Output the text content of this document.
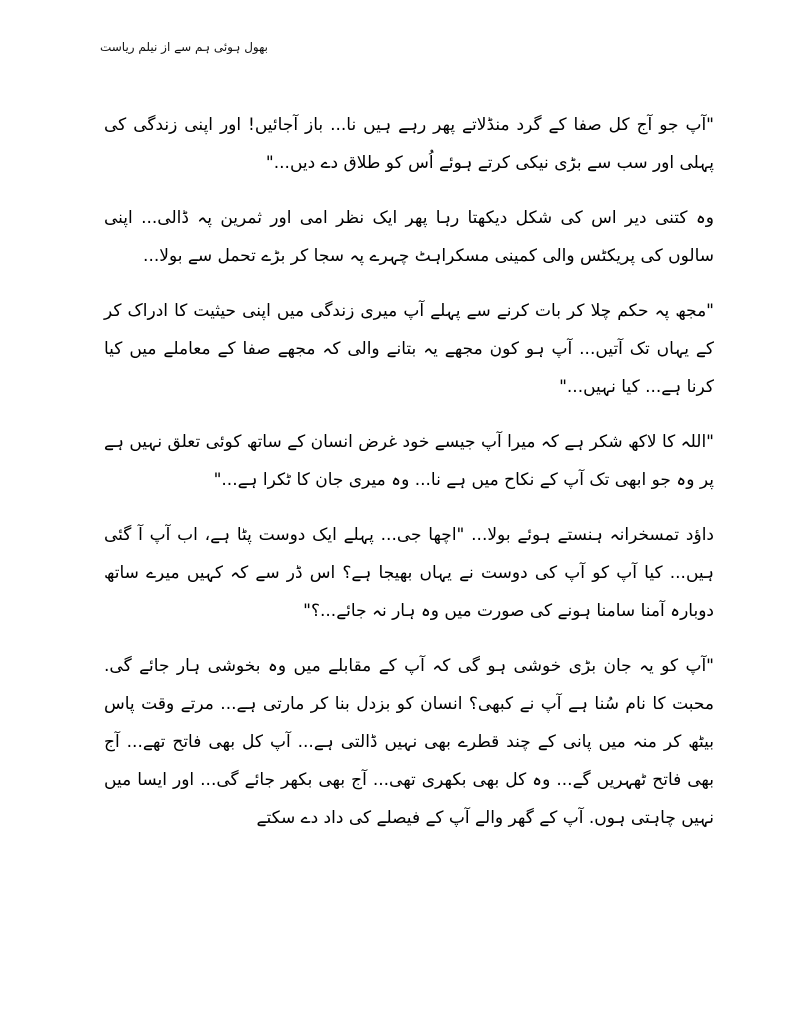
بھول ہوئی ہم سے از نیلم ریاست

"آپ جو آج کل صفا کے گرد منڈلاتے پھر رہے ہیں نا... باز آجائیں! اور اپنی زندگی کی پہلی اور سب سے بڑی نیکی کرتے ہوئے اُس کو طلاق دے دیں..."

وہ کتنی دیر اس کی شکل دیکھتا رہا پھر ایک نظر امی اور ثمرین پہ ڈالی... اپنی سالوں کی پریکٹس والی کمینی مسکراہٹ چہرے پہ سجا کر بڑے تحمل سے بولا...

"مجھ پہ حکم چلا کر بات کرنے سے پہلے آپ میری زندگی میں اپنی حیثیت کا ادراک کر کے یہاں تک آتیں... آپ ہو کون مجھے یہ بتانے والی کہ مجھے صفا کے معاملے میں کیا کرنا ہے... کیا نہیں..."

"اللہ کا لاکھ شکر ہے کہ میرا آپ جیسے خود غرض انسان کے ساتھ کوئی تعلق نہیں ہے پر وہ جو ابھی تک آپ کے نکاح میں ہے نا... وہ میری جان کا ٹکرا ہے..."

داؤد تمسخرانہ ہنستے ہوئے بولا... "اچھا جی... پہلے ایک دوست پٹا ہے، اب آپ آ گئی ہیں... کیا آپ کو آپ کی دوست نے یہاں بھیجا ہے؟ اس ڈر سے کہ کہیں میرے ساتھ دوبارہ آمنا سامنا ہونے کی صورت میں وہ ہار نہ جائے...؟"

"آپ کو یہ جان بڑی خوشی ہو گی کہ آپ کے مقابلے میں وہ بخوشی ہار جائے گی. محبت کا نام سُنا ہے آپ نے کبھی؟ انسان کو بزدل بنا کر مارتی ہے... مرتے وقت پاس بیٹھ کر منہ میں پانی کے چند قطرے بھی نہیں ڈالتی ہے... آپ کل بھی فاتح تھے... آج بھی فاتح ٹھہریں گے... وہ کل بھی بکھری تھی... آج بھی بکھر جائے گی... اور ایسا میں نہیں چاہتی ہوں. آپ کے گھر والے آپ کے فیصلے کی داد دے سکتے
